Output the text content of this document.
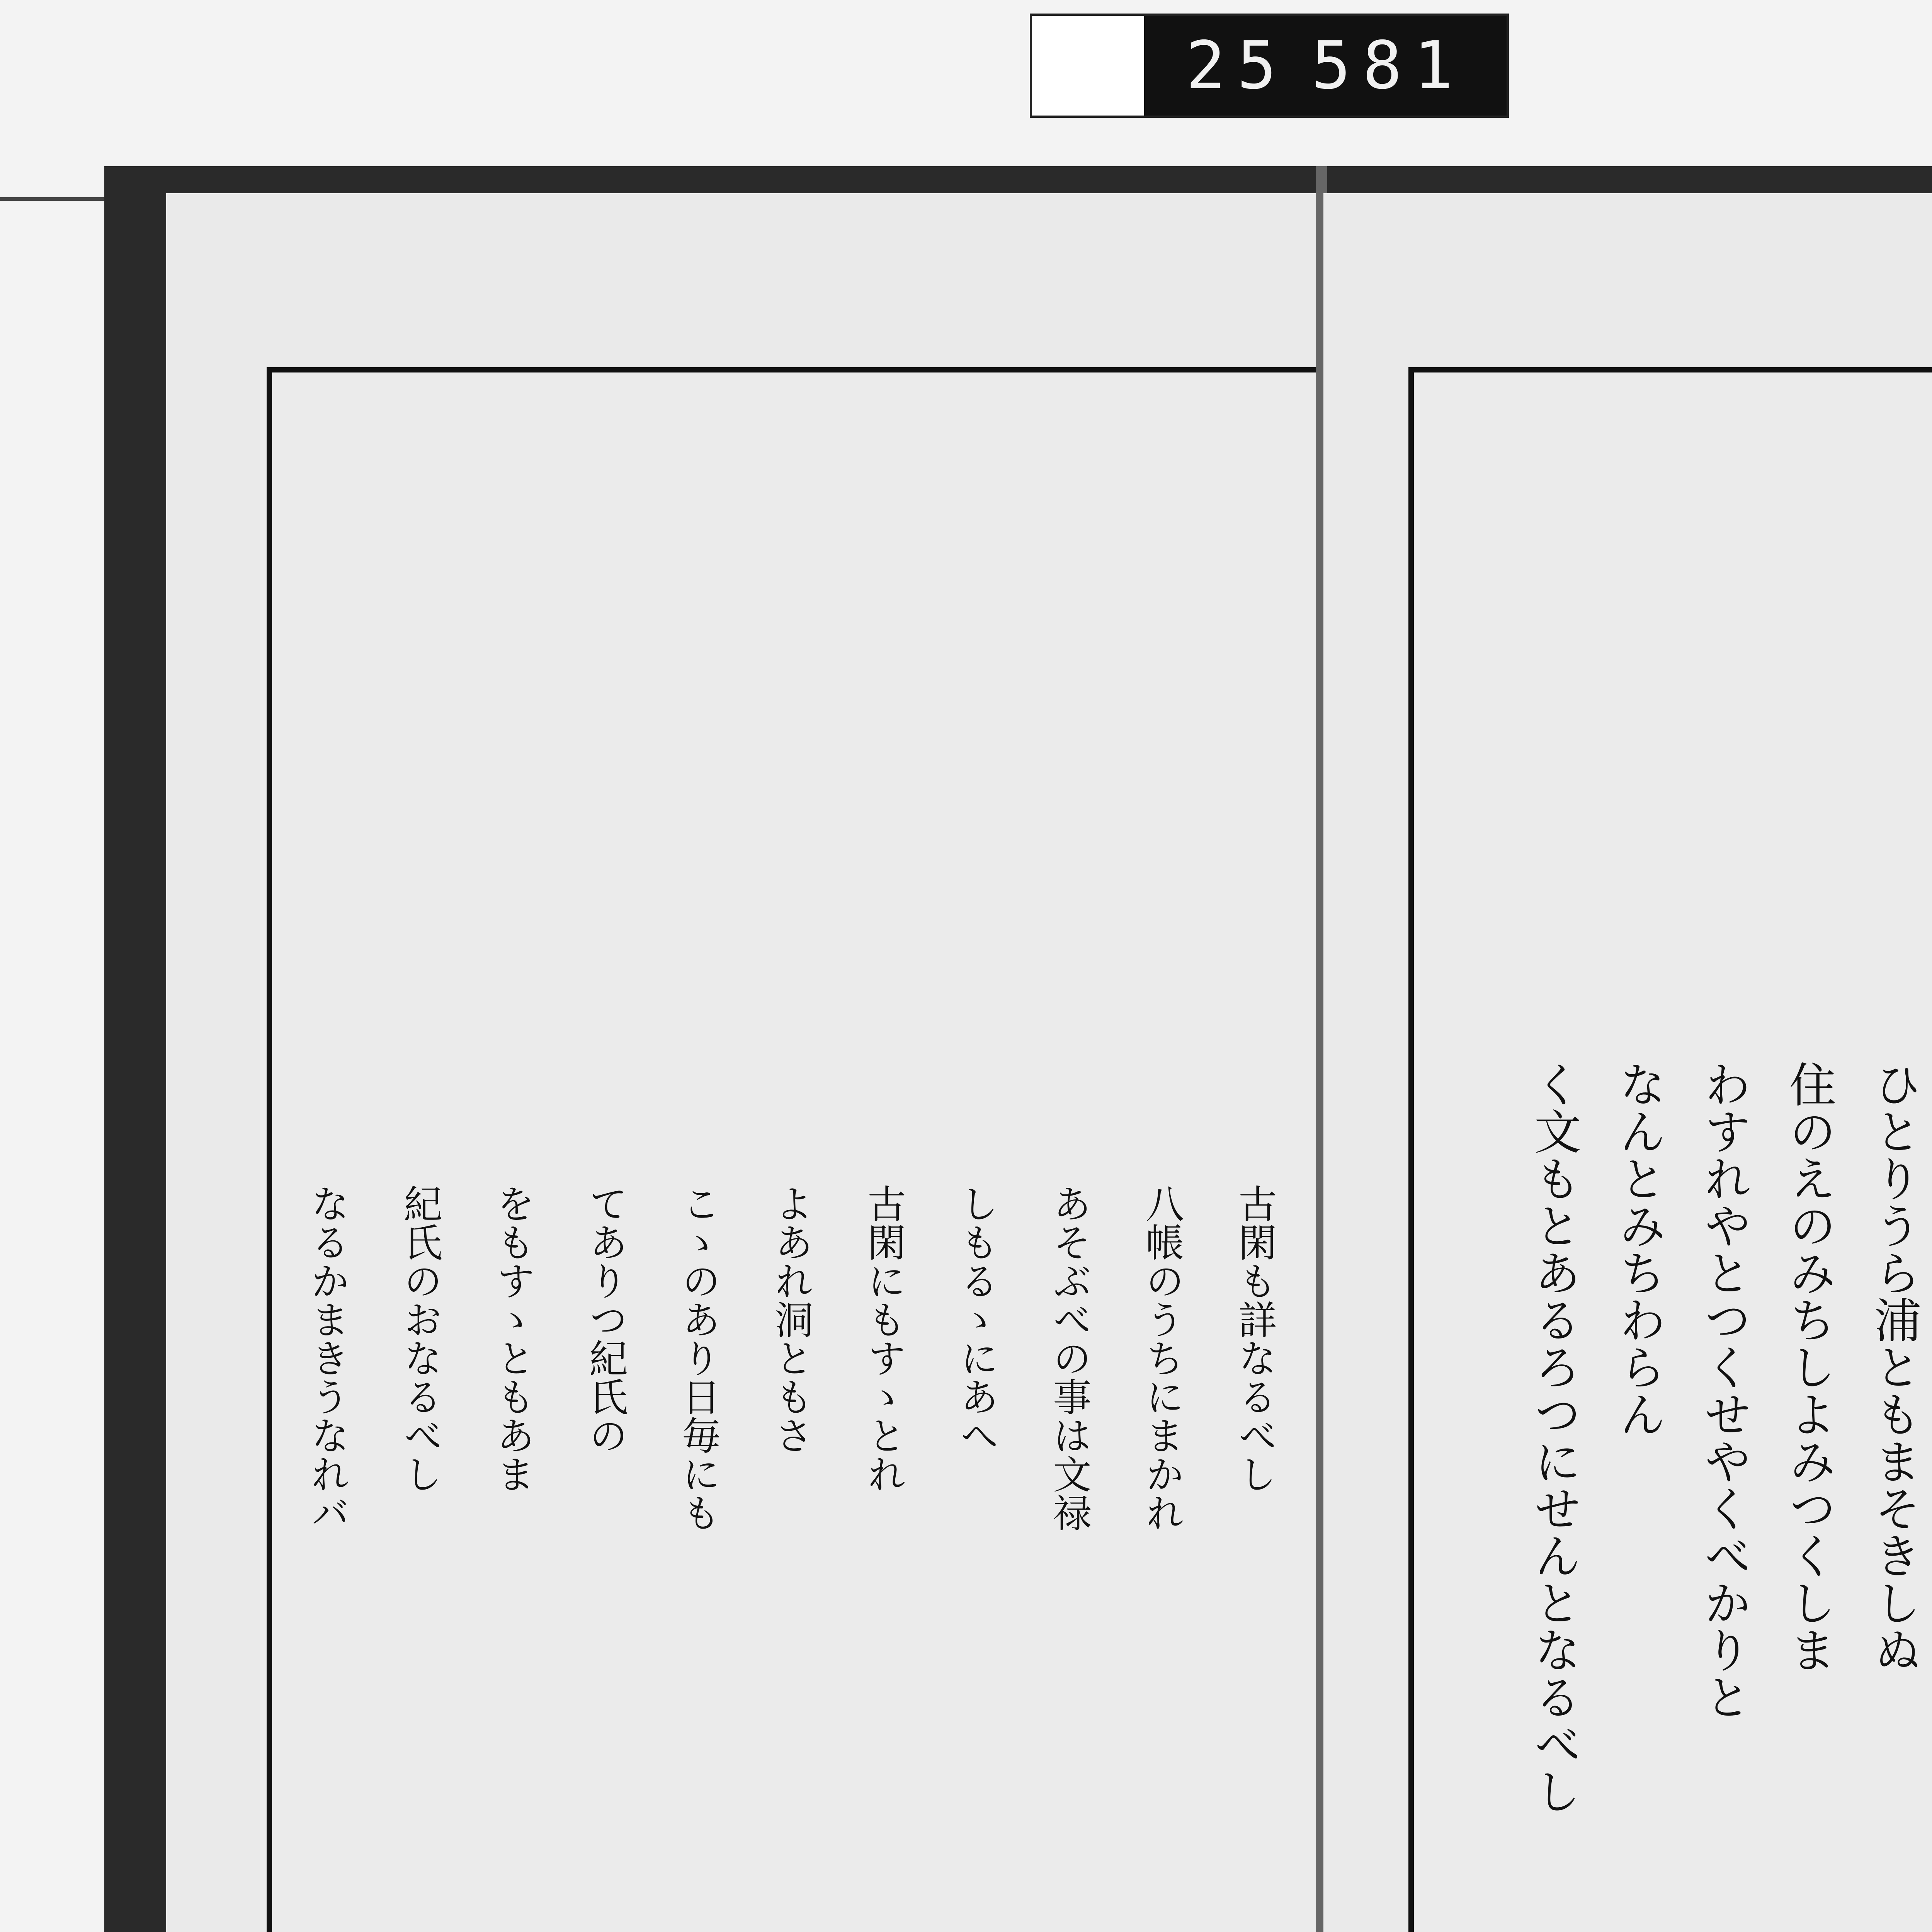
25 581

古閑も詳なるべし

八帳のうちにまかれ

あそぶべの事は文禄

しもるゝにあへ

古閑にもすゝとれ

よあれ洞ともさ

こゝのあり日毎にも

てありつ紀氏の

をもすゝともあま

紀氏のおなるべし

なるかまきうなれバ	ひとりうら浦ともまそきしぬ

住のえのみちしよみつくしま

わすれやとつくせやくべかりと

なんとみちわらん

く文もとあるろつにせんとなるべし
